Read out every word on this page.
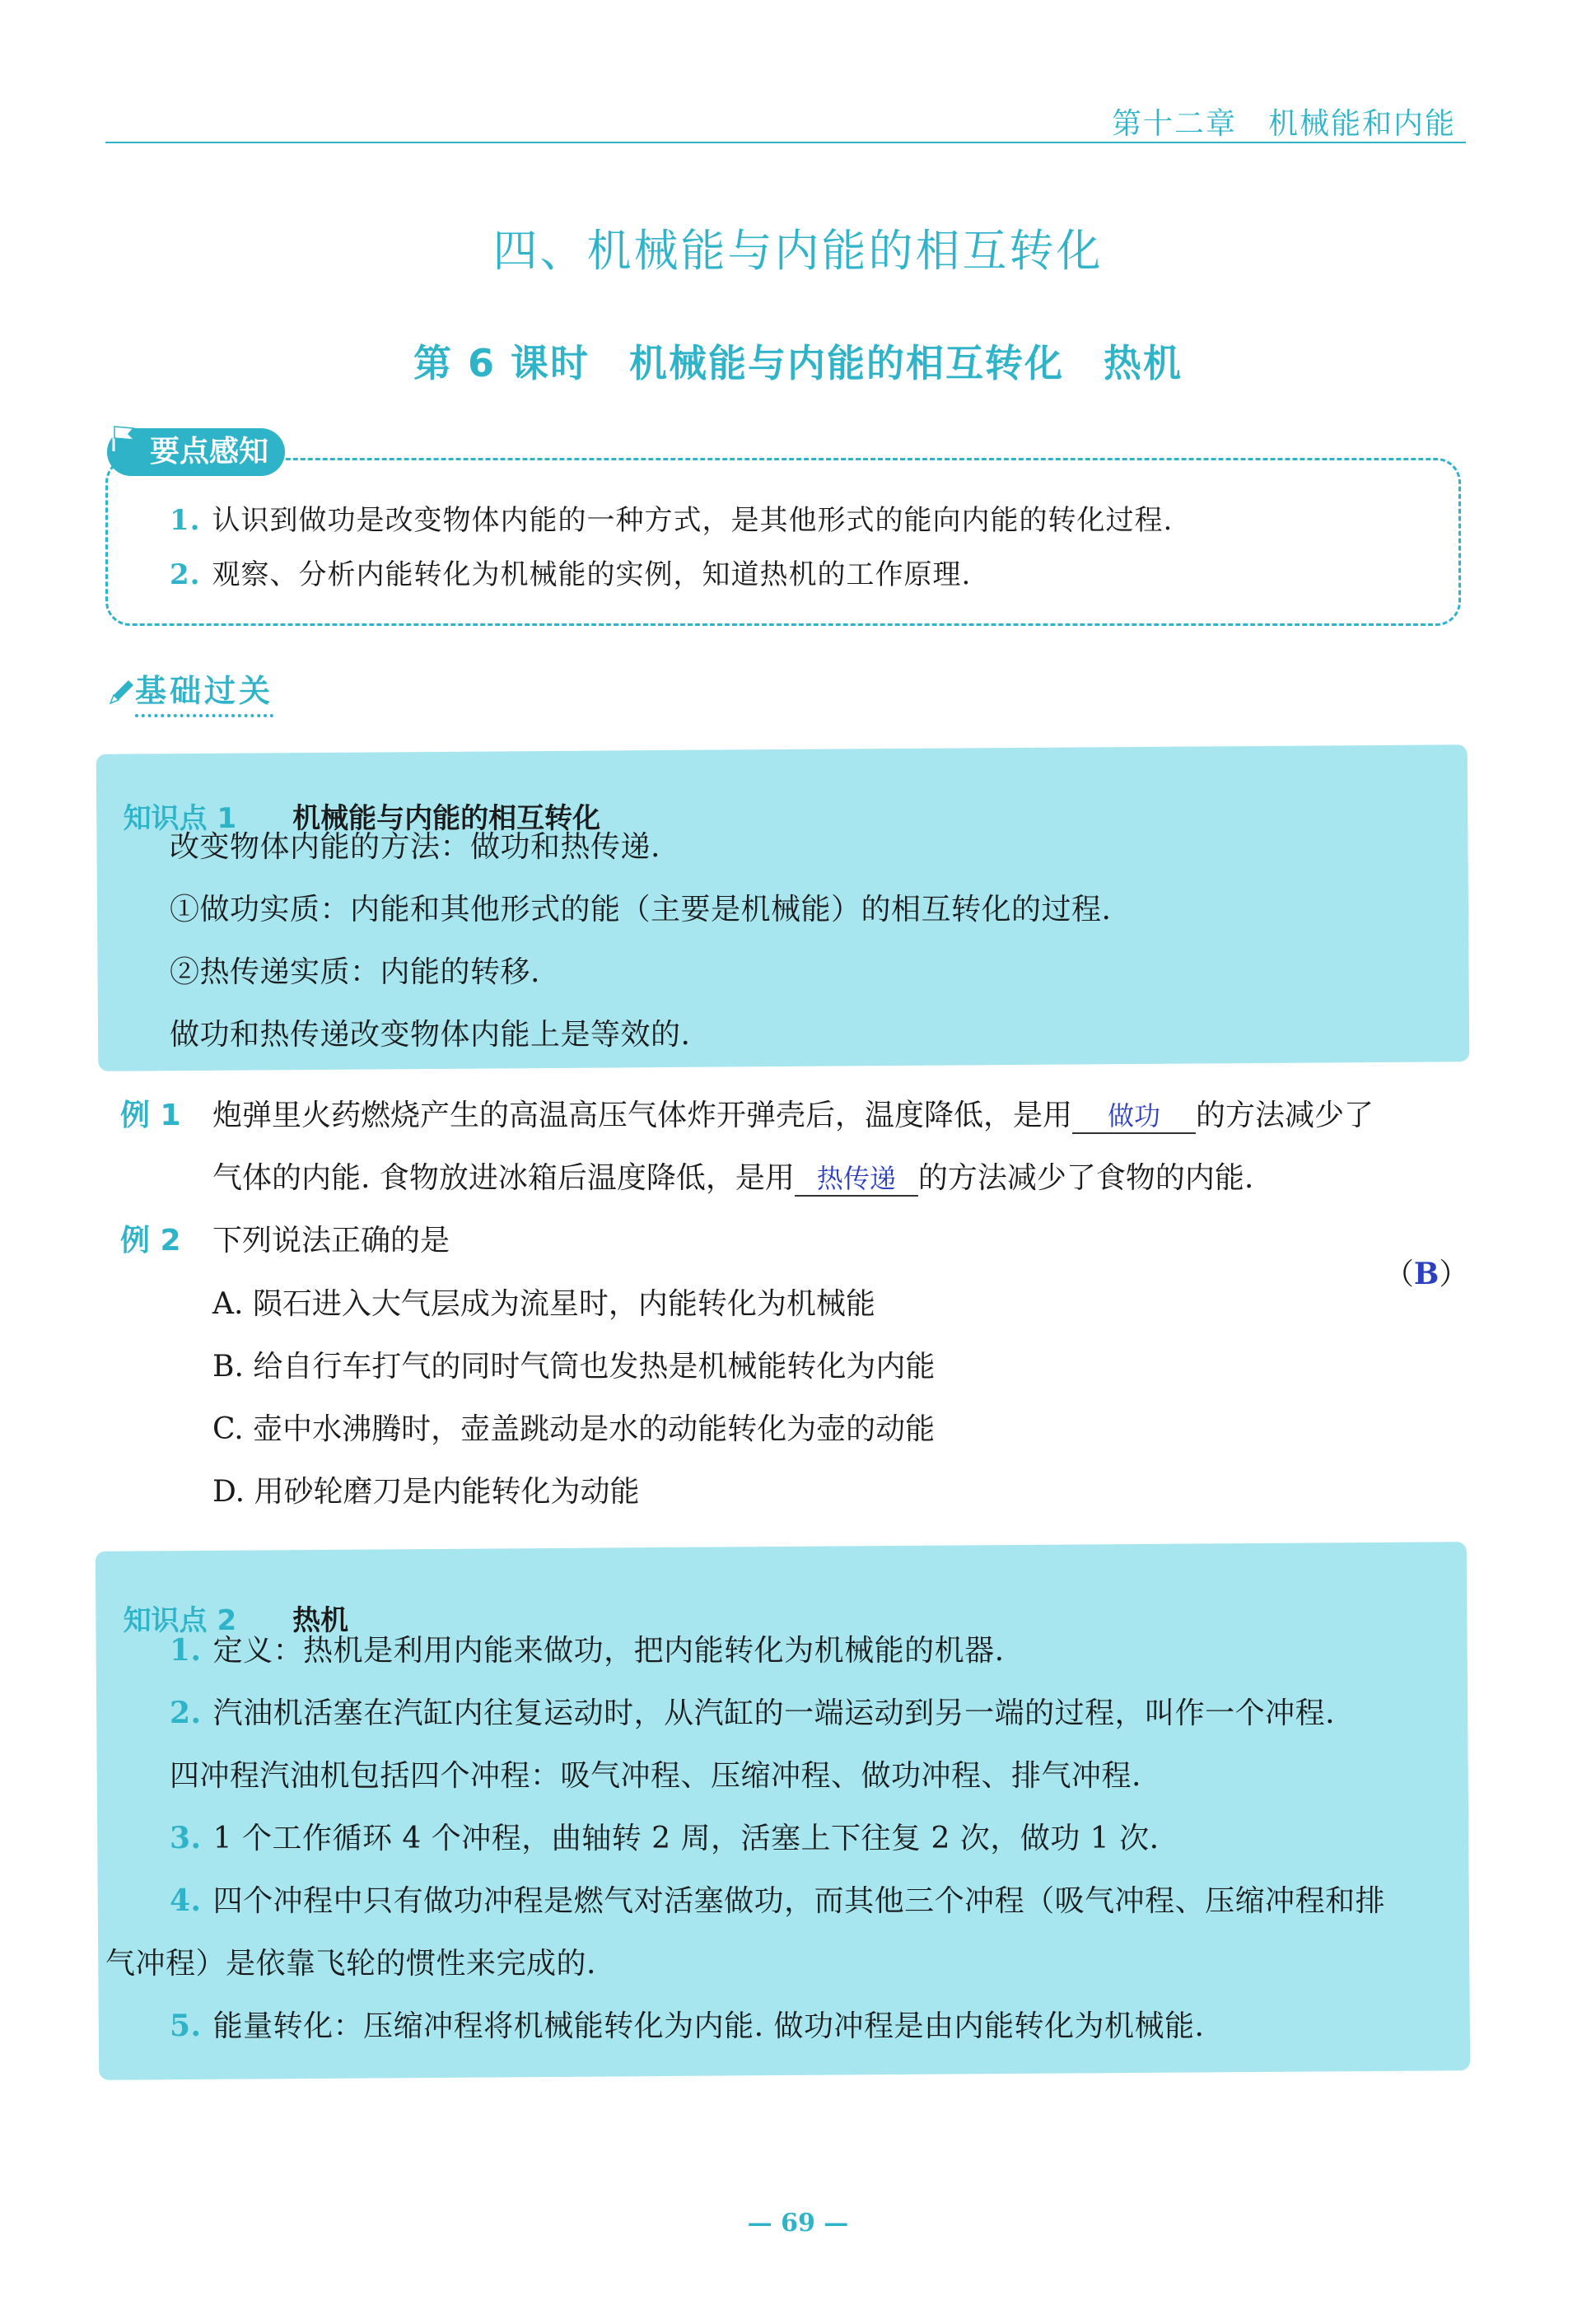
第十二章　机械能和内能
四、机械能与内能的相互转化
第 6 课时　机械能与内能的相互转化　热机
要点感知
1. 认识到做功是改变物体内能的一种方式，是其他形式的能向内能的转化过程.
2. 观察、分析内能转化为机械能的实例，知道热机的工作原理.
基础过关

知识点 1　　 机械能与内能的相互转化

改变物体内能的方法：做功和热传递.
①做功实质：内能和其他形式的能（主要是机械能）的相互转化的过程.
②热传递实质：内能的转移.
做功和热传递改变物体内能上是等效的.
例 1 炮弹里火药燃烧产生的高温高压气体炸开弹壳后，温度降低，是用 做功 的方法减少了
气体的内能. 食物放进冰箱后温度降低，是用 热传递 的方法减少了食物的内能.
例 2 下列说法正确的是

（B）

A. 陨石进入大气层成为流星时，内能转化为机械能
B. 给自行车打气的同时气筒也发热是机械能转化为内能
C. 壶中水沸腾时，壶盖跳动是水的动能转化为壶的动能
D. 用砂轮磨刀是内能转化为动能

知识点 2　　 热机

1. 定义：热机是利用内能来做功，把内能转化为机械能的机器.
2. 汽油机活塞在汽缸内往复运动时，从汽缸的一端运动到另一端的过程，叫作一个冲程.
四冲程汽油机包括四个冲程：吸气冲程、压缩冲程、做功冲程、排气冲程.
3. 1 个工作循环 4 个冲程，曲轴转 2 周，活塞上下往复 2 次，做功 1 次.
4. 四个冲程中只有做功冲程是燃气对活塞做功，而其他三个冲程（吸气冲程、压缩冲程和排
气冲程）是依靠飞轮的惯性来完成的.
5. 能量转化：压缩冲程将机械能转化为内能. 做功冲程是由内能转化为机械能.
— 69 —
